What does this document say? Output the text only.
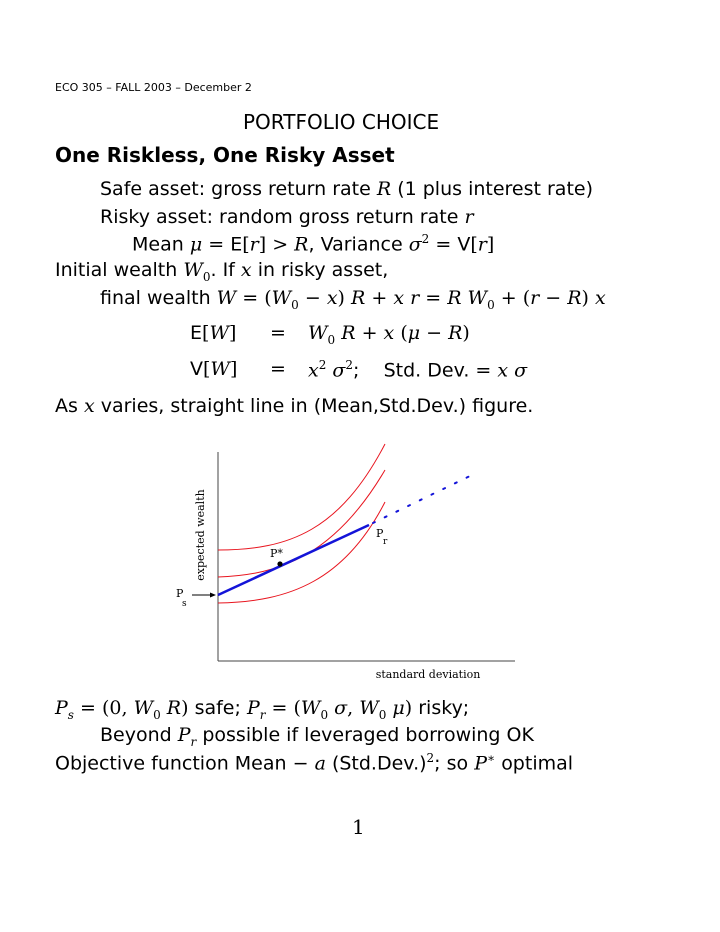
ECO 305 – FALL 2003 – December 2
PORTFOLIO CHOICE
One Riskless, One Risky Asset
Safe asset: gross return rate R (1 plus interest rate)
Risky asset: random gross return rate r
Mean μ = E[r] > R, Variance $\sigma^2 = V[r]$
Initial wealth $W_0$. If x in risky asset,
final wealth $W = (W_0 - x) R + x$ r = R $W_0 + (r - R)$ x
$E[W] = W_0$ R + x (μ − R)
$V[W] = x^2$ $\sigma^2$;    Std. Dev. = x σ
As x varies, straight line in (Mean,Std.Dev.) figure.
expected wealth
standard deviation
P*
P
s
P
r
$P_s = (0$, $W_0$ R) safe; $P_r = (W_0$ σ, $W_0$ μ) risky;
Beyond $P_r$ possible if leveraged borrowing OK
Objective function Mean − a $(Std.Dev.)^2$; so P∗ optimal
1
